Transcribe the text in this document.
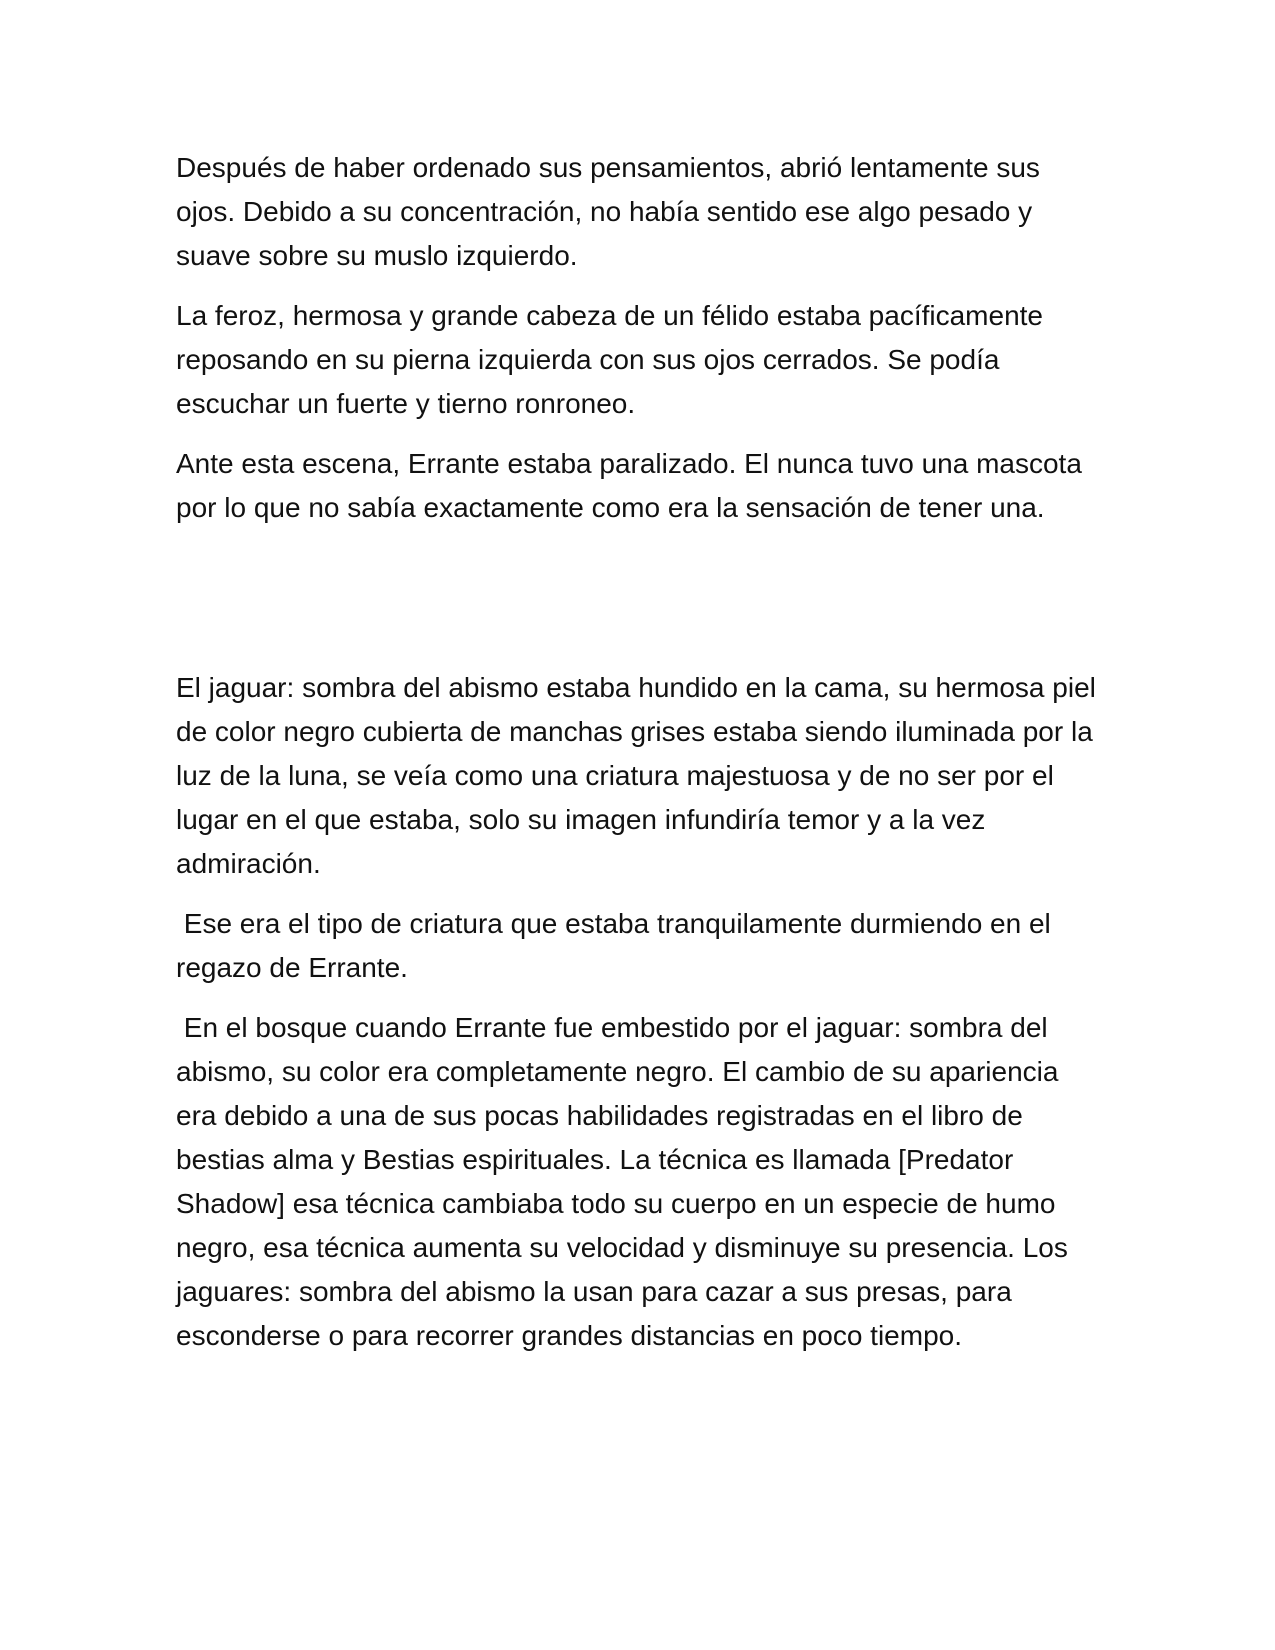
Después de haber ordenado sus pensamientos, abrió lentamente sus ojos. Debido a su concentración, no había sentido ese algo pesado y suave sobre su muslo izquierdo.

La feroz, hermosa y grande cabeza de un félido estaba pacíficamente reposando en su pierna izquierda con sus ojos cerrados. Se podía escuchar un fuerte y tierno ronroneo.

Ante esta escena, Errante estaba paralizado. El nunca tuvo una mascota por lo que no sabía exactamente como era la sensación de tener una.

El jaguar: sombra del abismo estaba hundido en la cama, su hermosa piel de color negro cubierta de manchas grises estaba siendo iluminada por la luz de la luna, se veía como una criatura majestuosa y de no ser por el lugar en el que estaba, solo su imagen infundiría temor y a la vez admiración.

Ese era el tipo de criatura que estaba tranquilamente durmiendo en el regazo de Errante.

En el bosque cuando Errante fue embestido por el jaguar: sombra del abismo, su color era completamente negro. El cambio de su apariencia era debido a una de sus pocas habilidades registradas en el libro de bestias alma y Bestias espirituales. La técnica es llamada [Predator Shadow] esa técnica cambiaba todo su cuerpo en un especie de humo negro, esa técnica aumenta su velocidad y disminuye su presencia. Los jaguares: sombra del abismo la usan para cazar a sus presas, para esconderse o para recorrer grandes distancias en poco tiempo.
